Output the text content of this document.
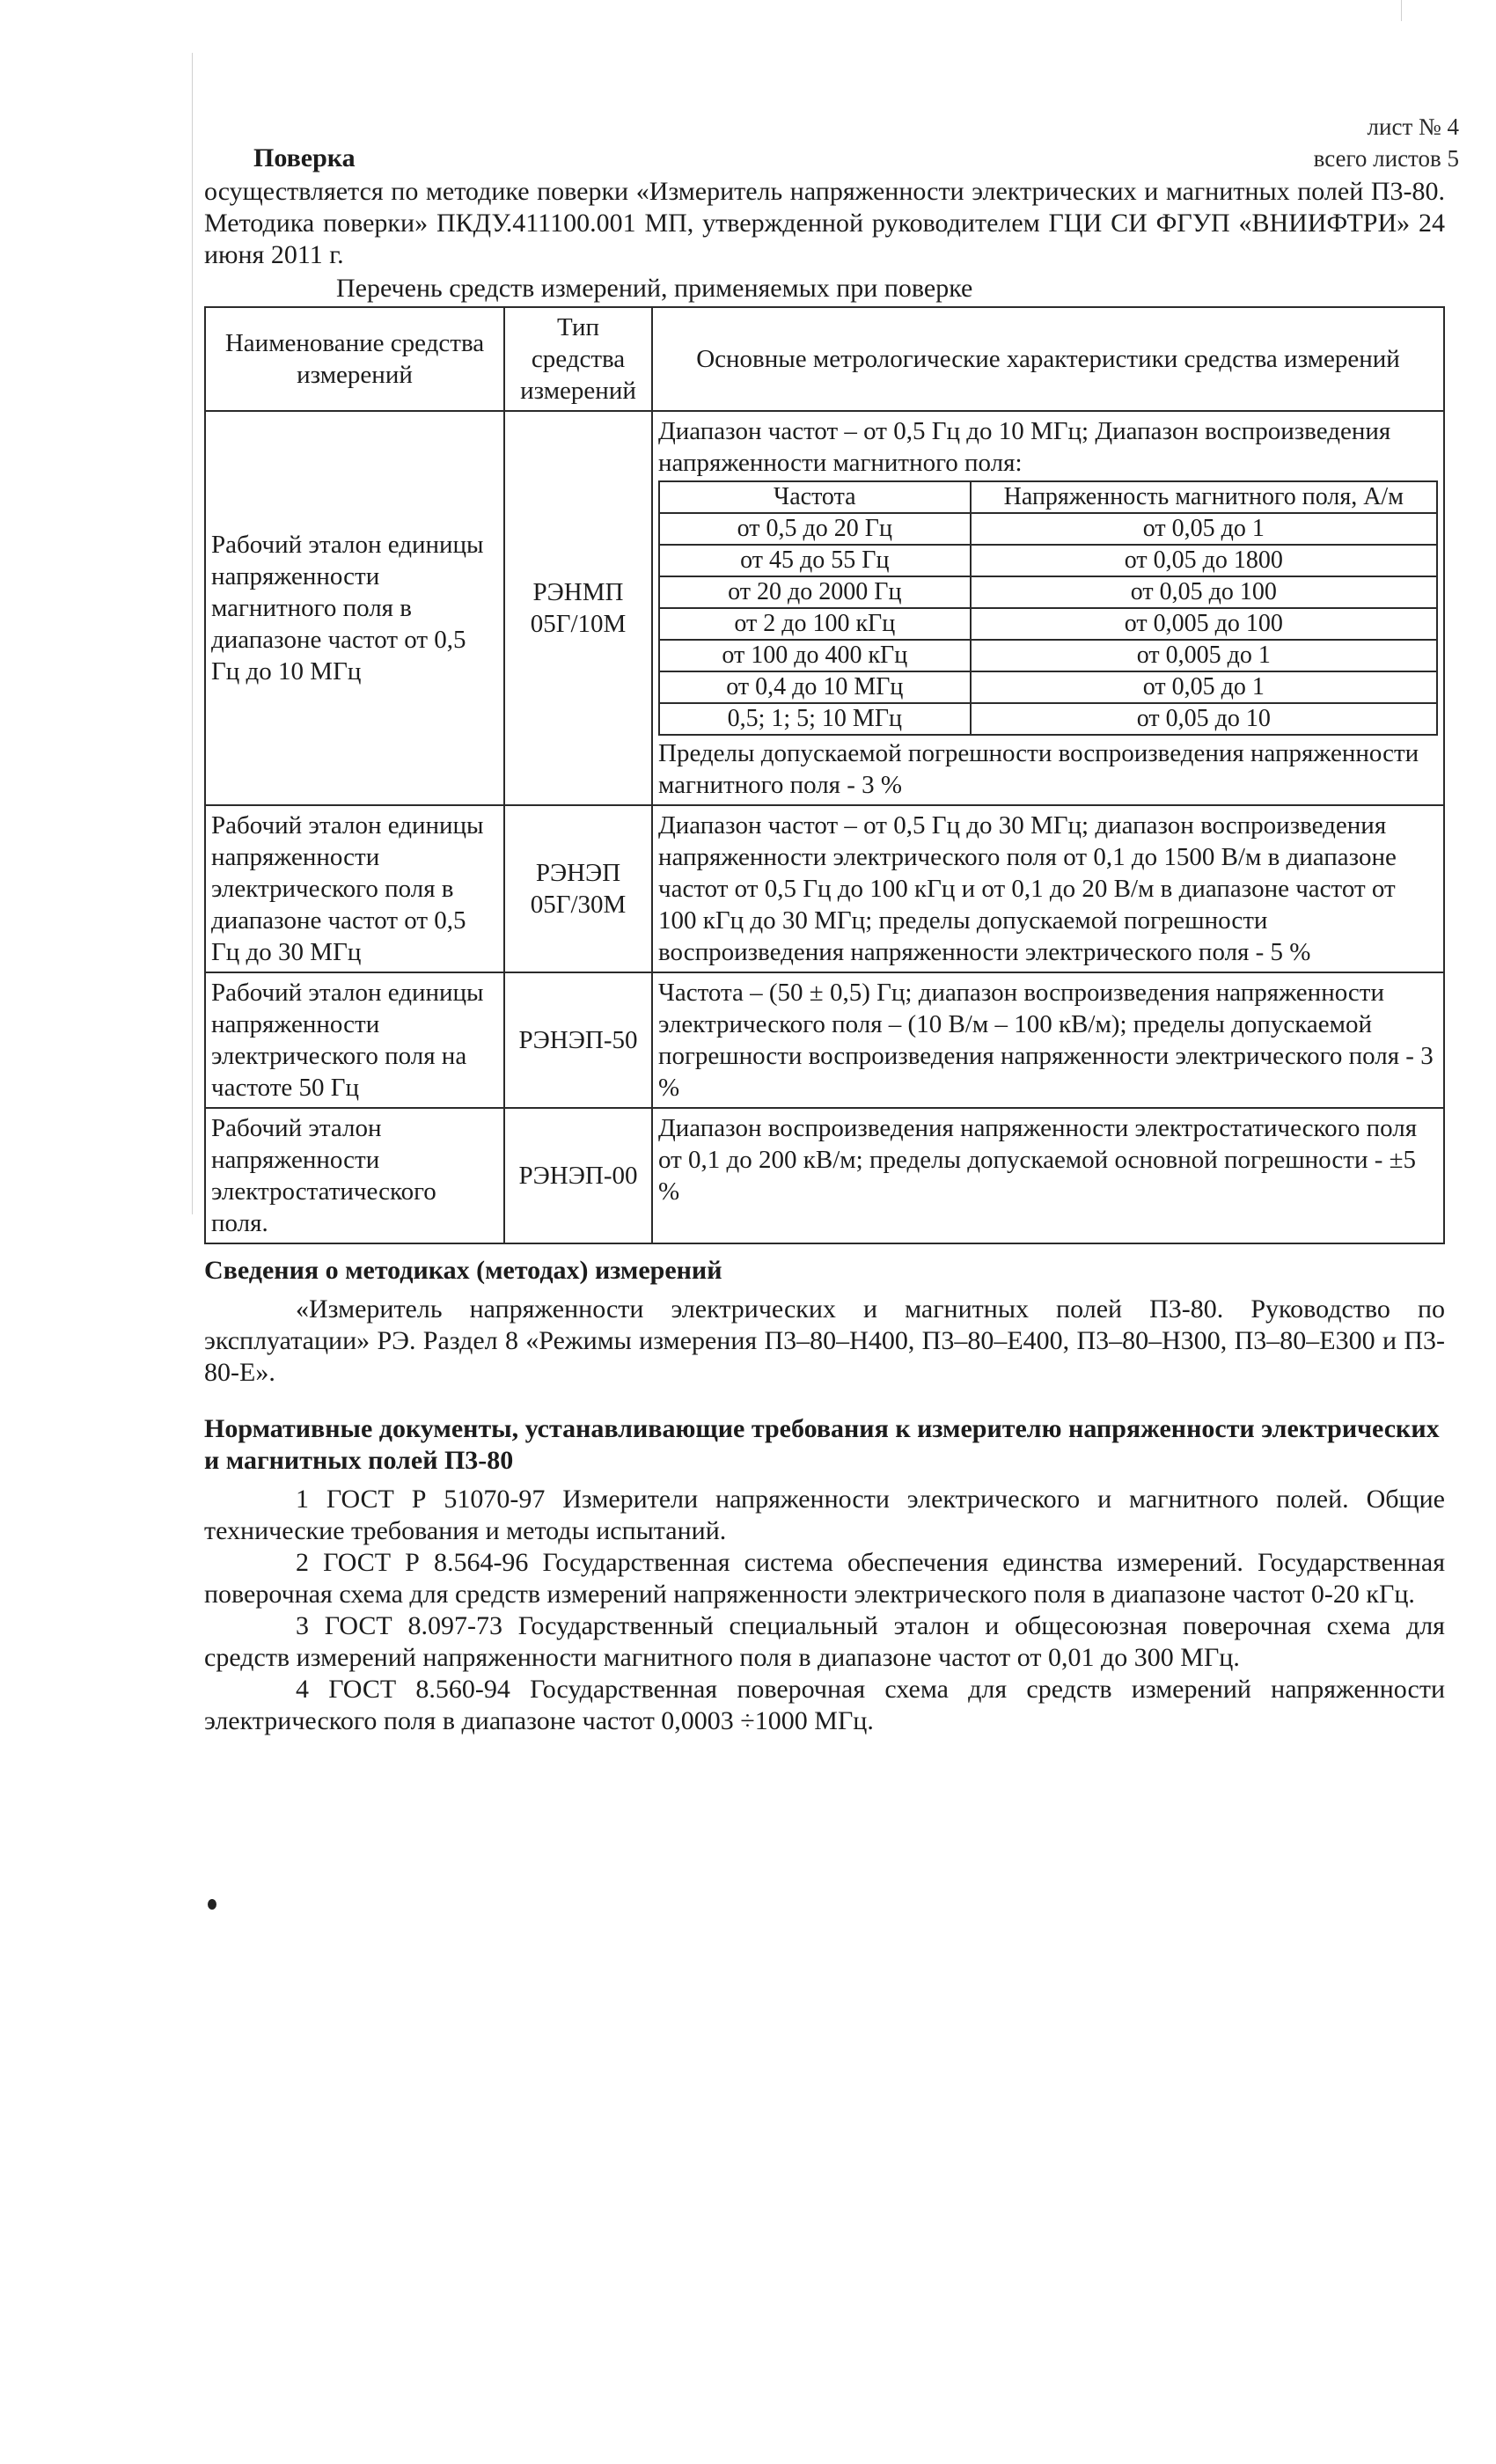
лист № 4
всего листов 5
Поверка

осуществляется по методике поверки «Измеритель напряженности электрических и магнитных полей П3-80. Методика поверки» ПКДУ.411100.001 МП, утвержденной руководителем ГЦИ СИ ФГУП «ВНИИФТРИ» 24 июня 2011 г.

Перечень средств измерений, применяемых при поверке
Наименование средства измерений	Тип средства измерений	Основные метрологические характеристики средства измерений
Рабочий эталон единицы напряженности магнитного поля в диапазоне частот от 0,5 Гц до 10 МГц	РЭНМП 05Г/10М	
Диапазон частот – от 0,5 Гц до 10 МГц; Диапазон воспроизведения напряженности магнитного поля:
Частота	Напряженность магнитного поля, А/м
от 0,5 до 20 Гц	от 0,05 до 1
от 45 до 55 Гц	от 0,05 до 1800
от 20 до 2000 Гц	от 0,05 до 100
от 2 до 100 кГц	от 0,005 до 100
от 100 до 400 кГц	от 0,005 до 1
от 0,4 до 10 МГц	от 0,05 до 1
0,5; 1; 5; 10 МГц	от 0,05 до 10
Пределы допускаемой погрешности воспроизведения напряженности магнитного поля - 3 %

Рабочий эталон единицы напряженности электрического поля в диапазоне частот от 0,5 Гц до 30 МГц	РЭНЭП 05Г/30М	Диапазон частот – от 0,5 Гц до 30 МГц; диапазон воспроизведения напряженности электрического поля от 0,1 до 1500 В/м в диапазоне частот от 0,5 Гц до 100 кГц и от 0,1 до 20 В/м в диапазоне частот от 100 кГц до 30 МГц; пределы допускаемой погрешности воспроизведения напряженности электрического поля - 5 %
Рабочий эталон единицы напряженности электрического поля на частоте 50 Гц	РЭНЭП-50	Частота – (50 ± 0,5) Гц; диапазон воспроизведения напряженности электрического поля – (10 В/м – 100 кВ/м); пределы допускаемой погрешности воспроизведения напряженности электрического поля - 3 %
Рабочий эталон напряженности электростатического поля.	РЭНЭП-00	Диапазон воспроизведения напряженности электростатического поля от 0,1 до 200 кВ/м; пределы допускаемой основной погрешности - ±5 %
Сведения о методиках (методах) измерений

«Измеритель напряженности электрических и магнитных полей П3-80. Руководство по эксплуатации» РЭ. Раздел 8 «Режимы измерения П3–80–Н400, П3–80–Е400, П3–80–Н300, П3–80–Е300 и П3-80-Е».

Нормативные документы, устанавливающие требования к измерителю напряженности электрических и магнитных полей П3-80

1 ГОСТ Р 51070-97 Измерители напряженности электрического и магнитного полей. Общие технические требования и методы испытаний.

2 ГОСТ Р 8.564-96 Государственная система обеспечения единства измерений. Государственная поверочная схема для средств измерений напряженности электрического поля в диапазоне частот 0-20 кГц.

3 ГОСТ 8.097-73 Государственный специальный эталон и общесоюзная поверочная схема для средств измерений напряженности магнитного поля в диапазоне частот от 0,01 до 300 МГц.

4 ГОСТ 8.560-94 Государственная поверочная схема для средств измерений напряженности электрического поля в диапазоне частот 0,0003 ÷1000 МГц.
